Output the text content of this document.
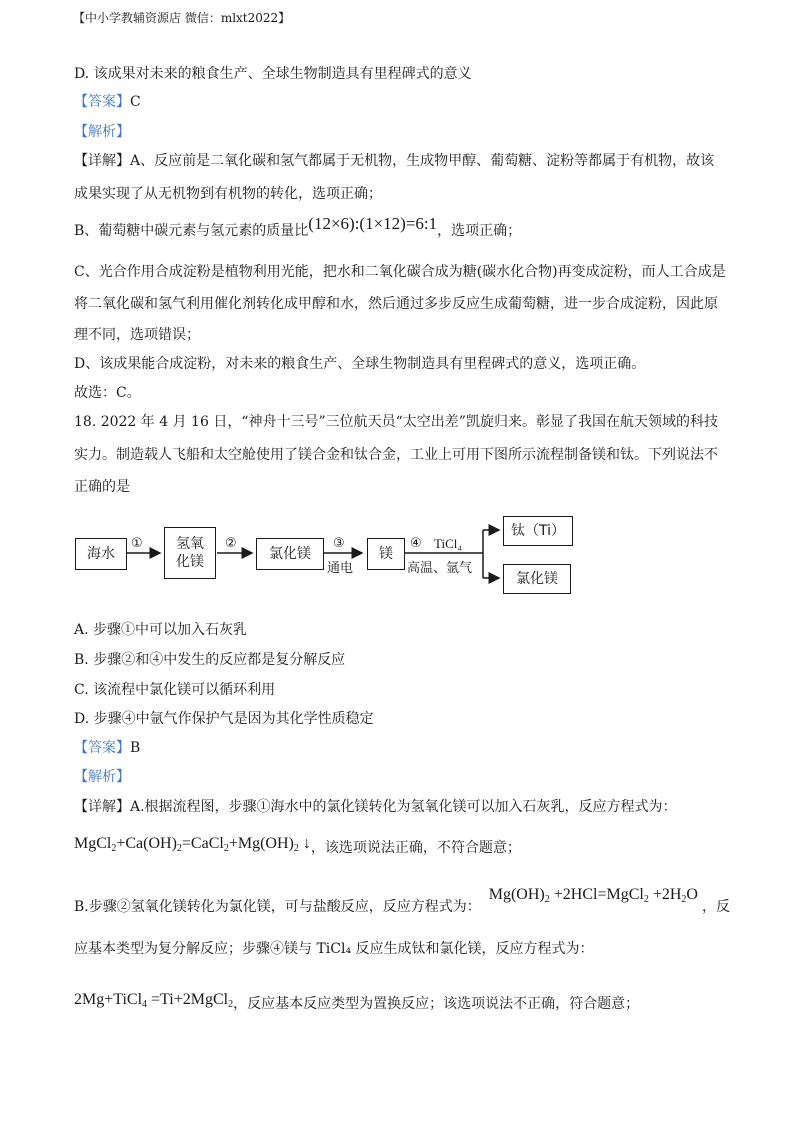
【中小学教辅资源店 微信：mlxt2022】
D. 该成果对未来的粮食生产、全球生物制造具有里程碑式的意义
【答案】C
【解析】
【详解】A、反应前是二氧化碳和氢气都属于无机物，生成物甲醇、葡萄糖、淀粉等都属于有机物，故该
成果实现了从无机物到有机物的转化，选项正确；
B、葡萄糖中碳元素与氢元素的质量比(12×6):(1×12)=6:1，选项正确；
C、光合作用合成淀粉是植物利用光能，把水和二氧化碳合成为糖(碳水化合物)再变成淀粉，而人工合成是
将二氧化碳和氢气利用催化剂转化成甲醇和水，然后通过多步反应生成葡萄糖，进一步合成淀粉，因此原
理不同，选项错误；
D、该成果能合成淀粉，对未来的粮食生产、全球生物制造具有里程碑式的意义，选项正确。
故选：C。
18. 2022 年 4 月 16 日，“神舟十三号”三位航天员“太空出差”凯旋归来。彰显了我国在航天领域的科技
实力。制造载人飞船和太空舱使用了镁合金和钛合金，工业上可用下图所示流程制备镁和钛。下列说法不
正确的是
海水
氢氧
化镁	氯化镁	镁
钛（Ti）
氯化镁
①	②	③
通电
④ TiCl₄
高温、氩气
A. 步骤①中可以加入石灰乳
B. 步骤②和④中发生的反应都是复分解反应
C. 该流程中氯化镁可以循环利用
D. 步骤④中氩气作保护气是因为其化学性质稳定
【答案】B
【解析】
【详解】A.根据流程图，步骤①海水中的氯化镁转化为氢氧化镁可以加入石灰乳，反应方程式为：
$MgCl_2+Ca(OH)_2=CaCl_2+Mg(OH)_2$ ↓，该选项说法正确，不符合题意；
B.步骤②氢氧化镁转化为氯化镁，可与盐酸反应，反应方程式为：$Mg(OH)_2$ +2HCl=MgCl$_2$ $+2H_2O$，反
应基本类型为复分解反应；步骤④镁与 TiCl₄ 反应生成钛和氯化镁，反应方程式为：
2Mg+TiCl$_4$ =Ti+2MgCl$_2$，反应基本反应类型为置换反应；该选项说法不正确，符合题意；
